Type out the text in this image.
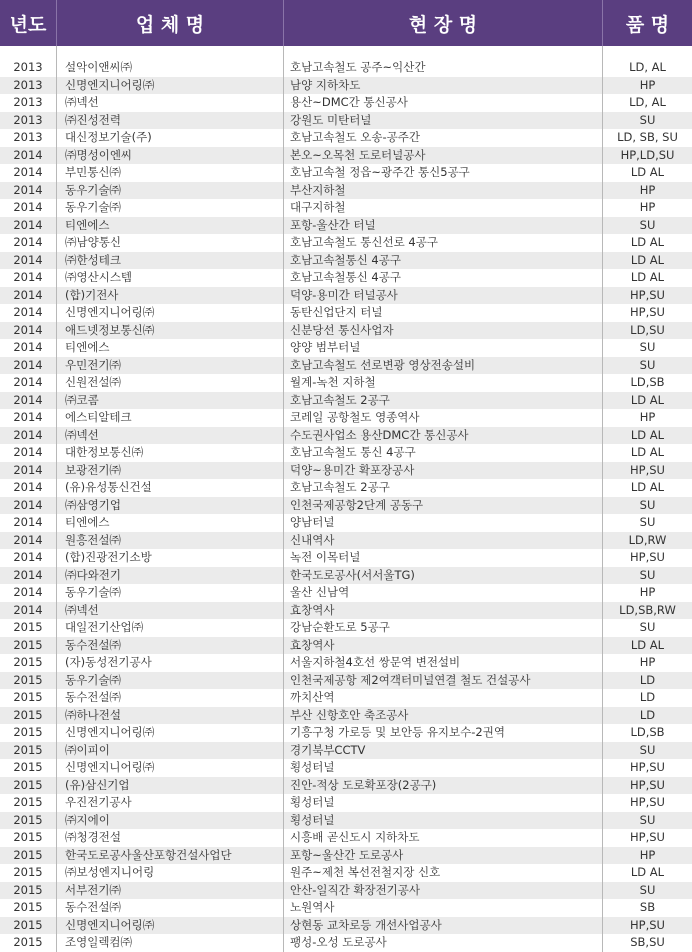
년도	업 체 명	현 장 명	품 명
2013	설악이앤씨㈜	호남고속철도 공주~익산간	LD, AL
2013	신명엔지니어링㈜	남양 지하차도	HP
2013	㈜넥선	용산~DMC간 통신공사	LD, AL
2013	㈜진성전력	강원도 미탄터널	SU
2013	대신정보기술(주)	호남고속철도 오송-공주간	LD, SB, SU
2014	㈜명성이엔씨	본오~오목천 도로터널공사	HP,LD,SU
2014	부민통신㈜	호남고속철 정읍~광주간 통신5공구	LD AL
2014	동우기술㈜	부산지하철	HP
2014	동우기술㈜	대구지하철	HP
2014	티엔에스	포항-울산간 터널	SU
2014	㈜남양통신	호남고속철도 통신선로 4공구	LD AL
2014	㈜한성테크	호남고속철통신 4공구	LD AL
2014	㈜영산시스템	호남고속철통신 4공구	LD AL
2014	(합)기전사	덕양-용미간 터널공사	HP,SU
2014	신명엔지니어링㈜	동탄신업단지 터널	HP,SU
2014	애드넷정보통신㈜	신분당선 통신사업자	LD,SU
2014	티엔에스	양양 범부터널	SU
2014	우민전기㈜	호남고속철도 선로변광 영상전송설비	SU
2014	신원전설㈜	월계-녹천 지하철	LD,SB
2014	㈜코콤	호남고속철도 2공구	LD AL
2014	에스티알테크	코레일 공항철도 영종역사	HP
2014	㈜넥선	수도권사업소 용산DMC간 통신공사	LD AL
2014	대한정보통신㈜	호남고속철도 통신 4공구	LD AL
2014	보광전기㈜	덕양~용미간 확포장공사	HP,SU
2014	(유)유성통신건설	호남고속철도 2공구	LD AL
2014	㈜삼영기업	인천국제공항2단계 공동구	SU
2014	티엔에스	양남터널	SU
2014	원흥전설㈜	신내역사	LD,RW
2014	(합)진광전기소방	녹전 이목터널	HP,SU
2014	㈜다와전기	한국도로공사(서서울TG)	SU
2014	동우기술㈜	울산 신남역	HP
2014	㈜넥선	효창역사	LD,SB,RW
2015	대일전기산업㈜	강남순환도로 5공구	SU
2015	동수전설㈜	효창역사	LD AL
2015	(자)동성전기공사	서울지하철4호선 쌍문역 변전설비	HP
2015	동우기술㈜	인천국제공항 제2여객터미널연결 철도 건설공사	LD
2015	동수전설㈜	까치산역	LD
2015	㈜하나전설	부산 신항호안 축조공사	LD
2015	신명엔지니어링㈜	기흥구청 가로등 및 보안등 유지보수-2권역	LD,SB
2015	㈜이피이	경기북부CCTV	SU
2015	신명엔지니어링㈜	횡성터널	HP,SU
2015	(유)삼신기업	진안-적상 도로확포장(2공구)	HP,SU
2015	우진전기공사	횡성터널	HP,SU
2015	㈜지에이	횡성터널	SU
2015	㈜청경전설	시흥배 곧신도시 지하차도	HP,SU
2015	한국도로공사울산포항건설사업단	포항~울산간 도로공사	HP
2015	㈜보성엔지니어링	원주~제천 복선전철지장 신호	LD AL
2015	서부전기㈜	안산-일직간 확장전기공사	SU
2015	동수전설㈜	노원역사	SB
2015	신명엔지니어링㈜	상현동 교차로등 개선사업공사	HP,SU
2015	조영일렉컴㈜	팽성-오성 도로공사	SB,SU
